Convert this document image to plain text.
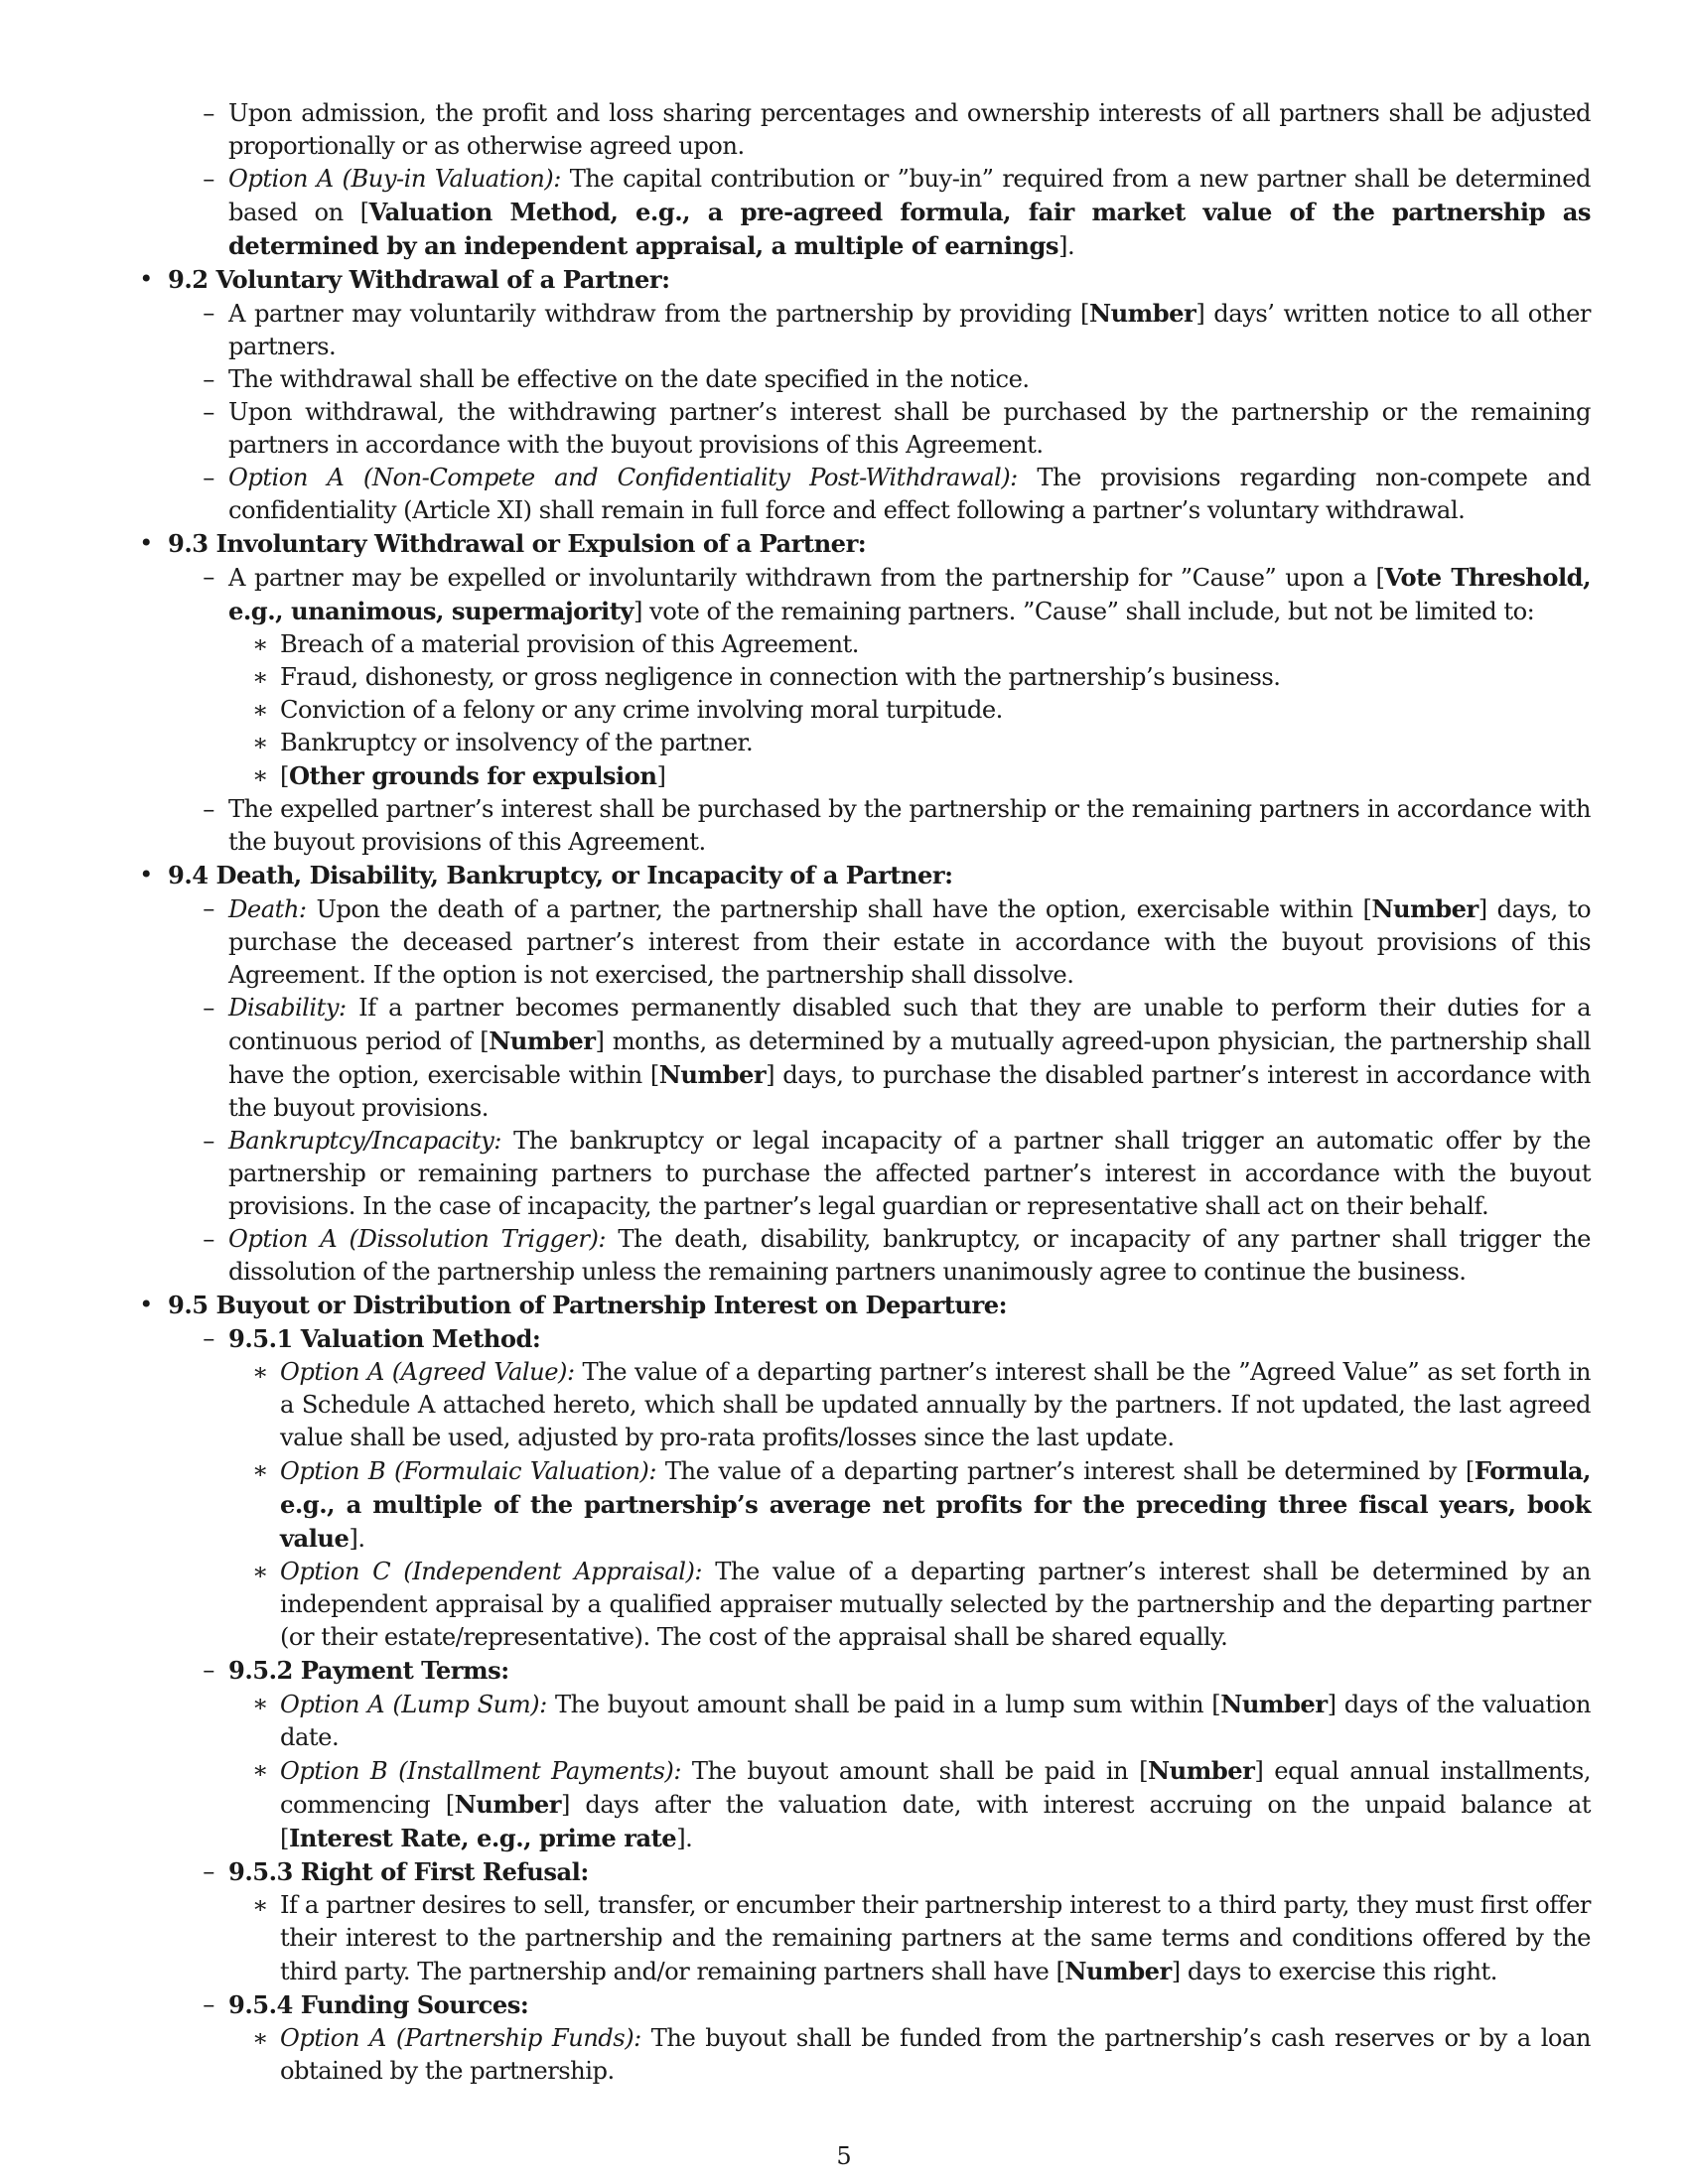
– Upon admission, the profit and loss sharing percentages and ownership interests of all partners shall be adjusted proportionally or as otherwise agreed upon.
– Option A (Buy-in Valuation): The capital contribution or ”buy-in” required from a new partner shall be determined based on [Valuation Method, e.g., a pre-agreed formula, fair market value of the partnership as determined by an independent appraisal, a multiple of earnings].
• 9.2 Voluntary Withdrawal of a Partner:
– A partner may voluntarily withdraw from the partnership by providing [Number] days’ written notice to all other partners.
– The withdrawal shall be effective on the date specified in the notice.
– Upon withdrawal, the withdrawing partner’s interest shall be purchased by the partnership or the remaining partners in accordance with the buyout provisions of this Agreement.
– Option A (Non-Compete and Confidentiality Post-Withdrawal): The provisions regarding non-compete and confidentiality (Article XI) shall remain in full force and effect following a partner’s voluntary withdrawal.
• 9.3 Involuntary Withdrawal or Expulsion of a Partner:
– A partner may be expelled or involuntarily withdrawn from the partnership for ”Cause” upon a [Vote Threshold, e.g., unanimous, supermajority] vote of the remaining partners. ”Cause” shall include, but not be limited to:
∗ Breach of a material provision of this Agreement.
∗ Fraud, dishonesty, or gross negligence in connection with the partnership’s business.
∗ Conviction of a felony or any crime involving moral turpitude.
∗ Bankruptcy or insolvency of the partner.
∗ [Other grounds for expulsion]
– The expelled partner’s interest shall be purchased by the partnership or the remaining partners in accordance with the buyout provisions of this Agreement.
• 9.4 Death, Disability, Bankruptcy, or Incapacity of a Partner:
– Death: Upon the death of a partner, the partnership shall have the option, exercisable within [Number] days, to purchase the deceased partner’s interest from their estate in accordance with the buyout provisions of this Agreement. If the option is not exercised, the partnership shall dissolve.
– Disability: If a partner becomes permanently disabled such that they are unable to perform their duties for a continuous period of [Number] months, as determined by a mutually agreed-upon physician, the partnership shall have the option, exercisable within [Number] days, to purchase the disabled partner’s interest in accordance with the buyout provisions.
– Bankruptcy/Incapacity: The bankruptcy or legal incapacity of a partner shall trigger an automatic offer by the partnership or remaining partners to purchase the affected partner’s interest in accordance with the buyout provisions. In the case of incapacity, the partner’s legal guardian or representative shall act on their behalf.
– Option A (Dissolution Trigger): The death, disability, bankruptcy, or incapacity of any partner shall trigger the dissolution of the partnership unless the remaining partners unanimously agree to continue the business.
• 9.5 Buyout or Distribution of Partnership Interest on Departure:
– 9.5.1 Valuation Method:
∗ Option A (Agreed Value): The value of a departing partner’s interest shall be the ”Agreed Value” as set forth in a Schedule A attached hereto, which shall be updated annually by the partners. If not updated, the last agreed value shall be used, adjusted by pro-rata profits/losses since the last update.
∗ Option B (Formulaic Valuation): The value of a departing partner’s interest shall be determined by [Formula, e.g., a multiple of the partnership’s average net profits for the preceding three fiscal years, book value].
∗ Option C (Independent Appraisal): The value of a departing partner’s interest shall be determined by an independent appraisal by a qualified appraiser mutually selected by the partnership and the departing partner (or their estate/representative). The cost of the appraisal shall be shared equally.
– 9.5.2 Payment Terms:
∗ Option A (Lump Sum): The buyout amount shall be paid in a lump sum within [Number] days of the valuation date.
∗ Option B (Installment Payments): The buyout amount shall be paid in [Number] equal annual installments, commencing [Number] days after the valuation date, with interest accruing on the unpaid balance at [Interest Rate, e.g., prime rate].
– 9.5.3 Right of First Refusal:
∗ If a partner desires to sell, transfer, or encumber their partnership interest to a third party, they must first offer their interest to the partnership and the remaining partners at the same terms and conditions offered by the third party. The partnership and/or remaining partners shall have [Number] days to exercise this right.
– 9.5.4 Funding Sources:
∗ Option A (Partnership Funds): The buyout shall be funded from the partnership’s cash reserves or by a loan obtained by the partnership.
5
